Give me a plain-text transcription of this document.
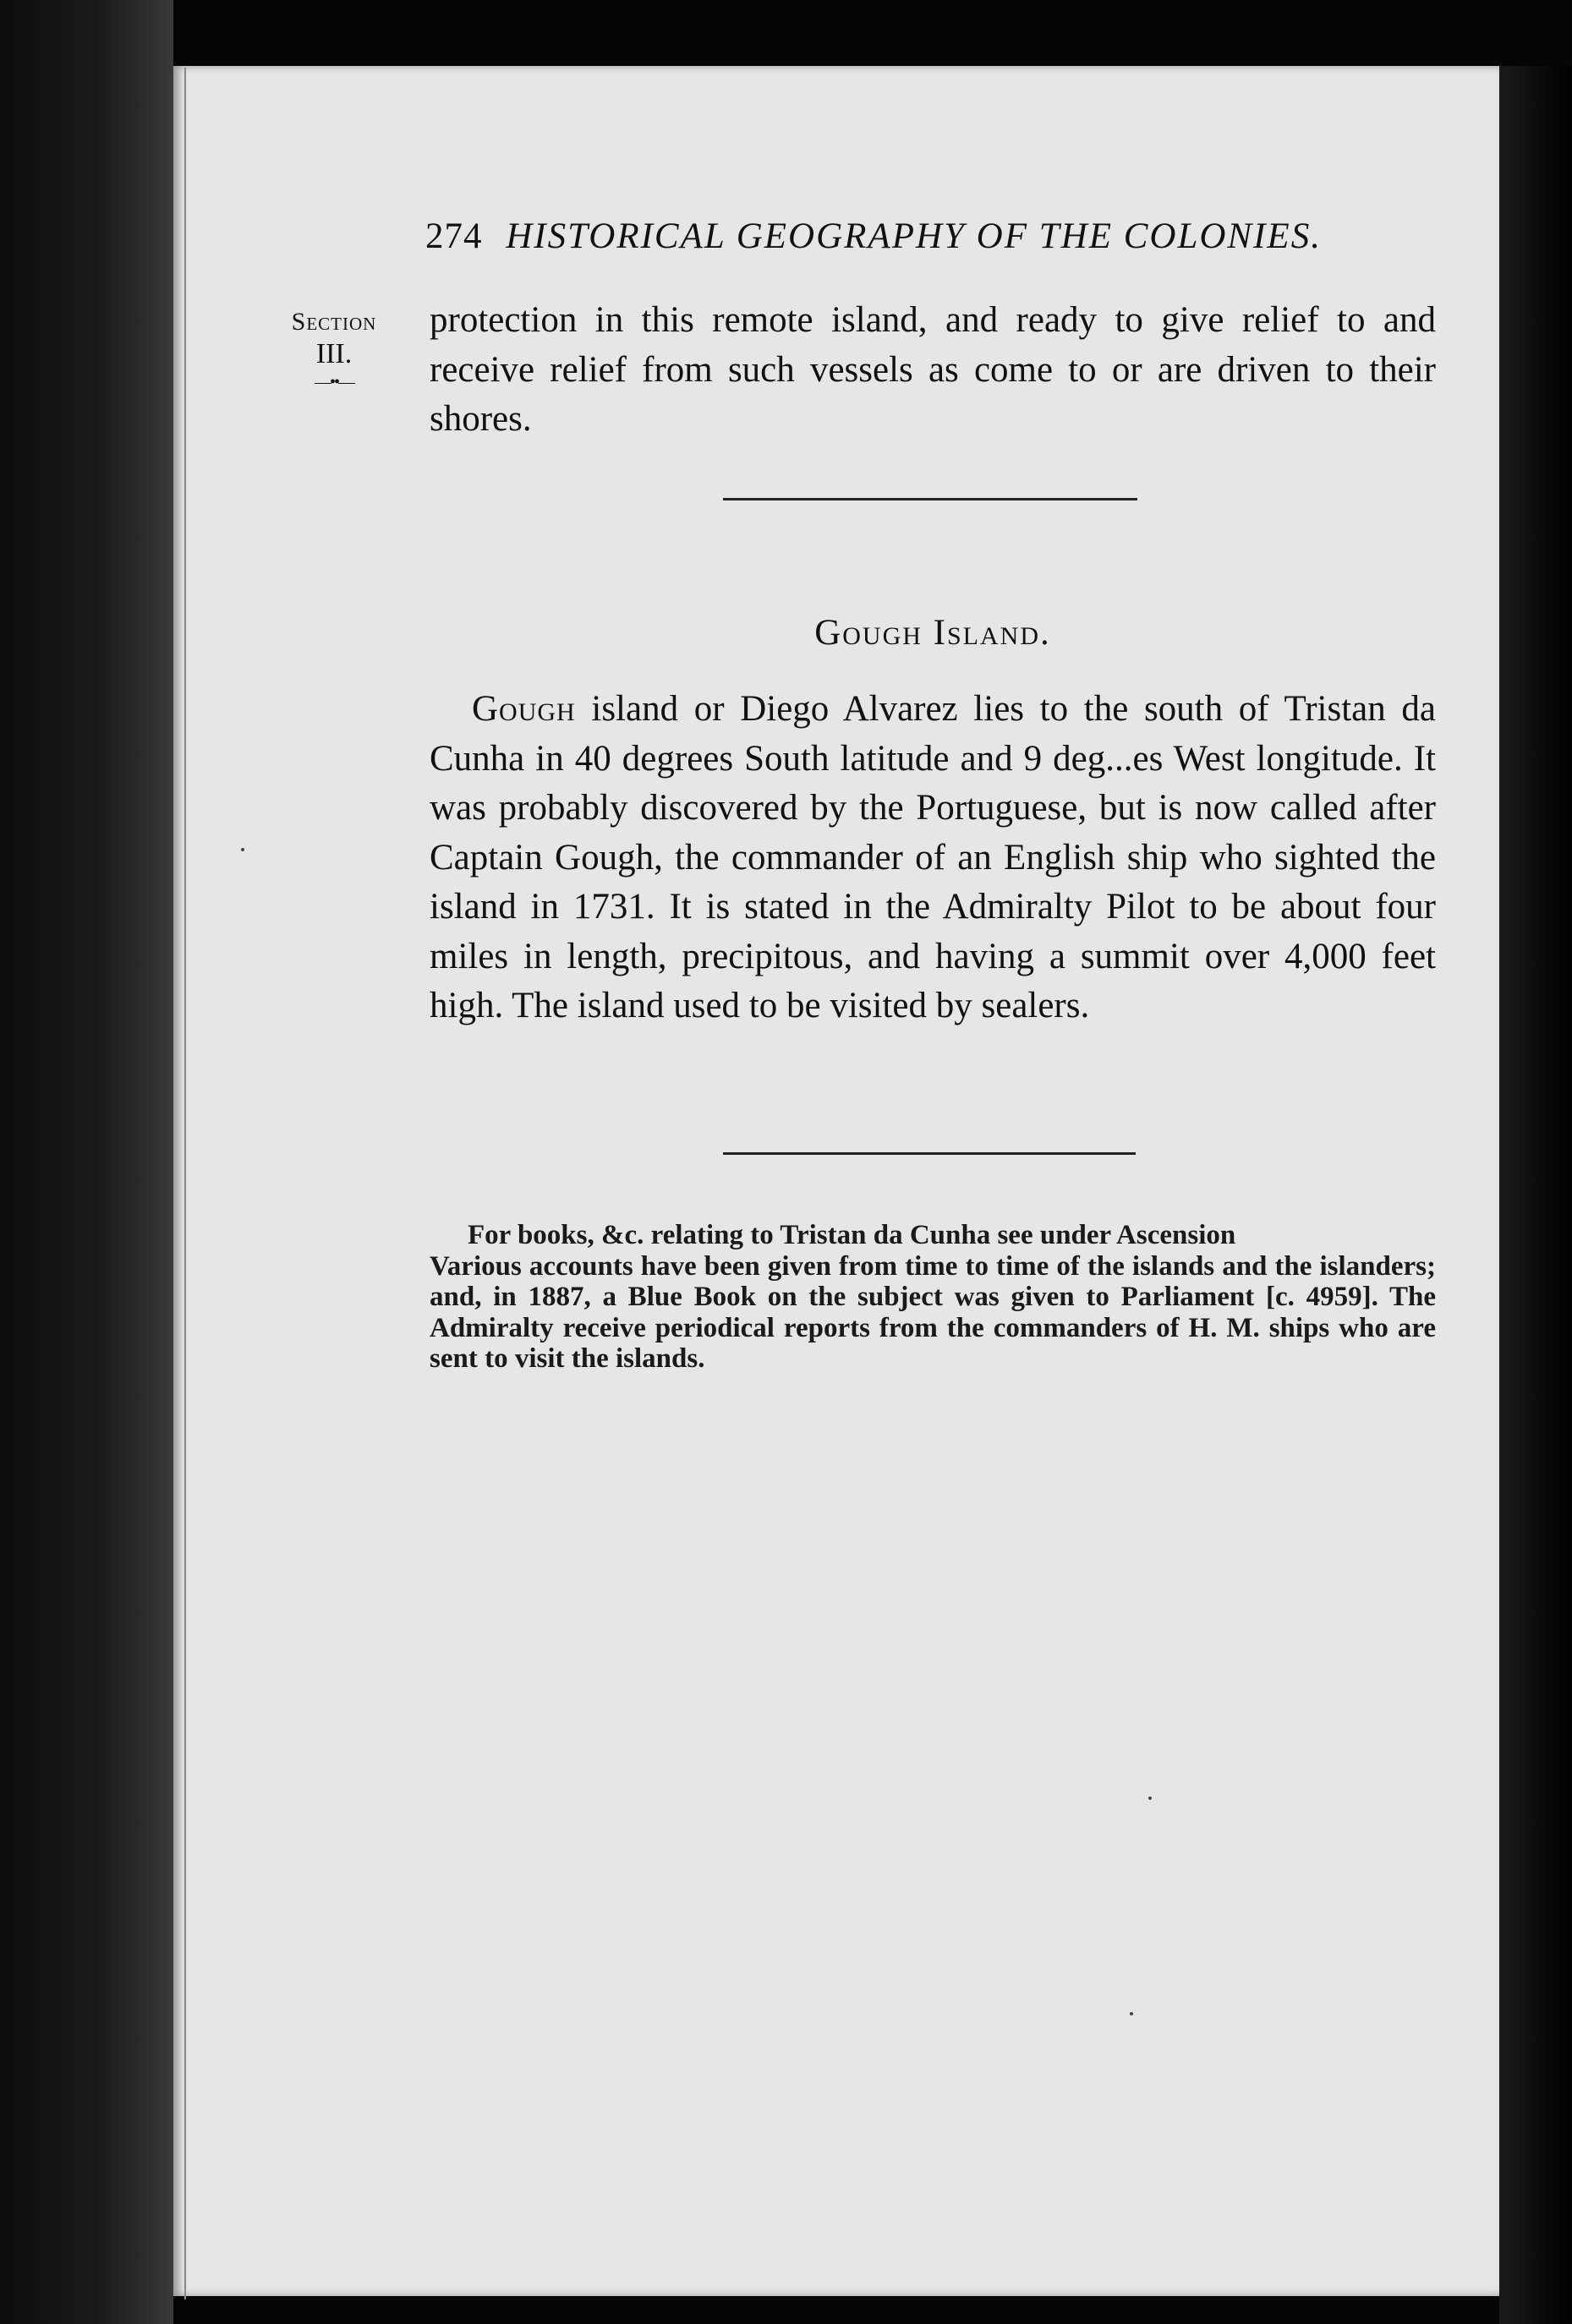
274 HISTORICAL GEOGRAPHY OF THE COLONIES.
Section
III.
—••—
protection in this remote island, and ready to give relief to and receive relief from such vessels as come to or are driven to their shores.
Gough Island.
Gough island or Diego Alvarez lies to the south of Tristan da Cunha in 40 degrees South latitude and 9 deg...es West longitude. It was probably discovered by the Portuguese, but is now called after Captain Gough, the commander of an English ship who sighted the island in 1731. It is stated in the Admiralty Pilot to be about four miles in length, precipitous, and having a summit over 4,000 feet high. The island used to be visited by sealers.
For books, &c. relating to Tristan da Cunha see under Ascension
Various accounts have been given from time to time of the islands and the islanders; and, in 1887, a Blue Book on the subject was given to Parliament [c. 4959]. The Admiralty receive periodical reports from the commanders of H. M. ships who are sent to visit the islands.
